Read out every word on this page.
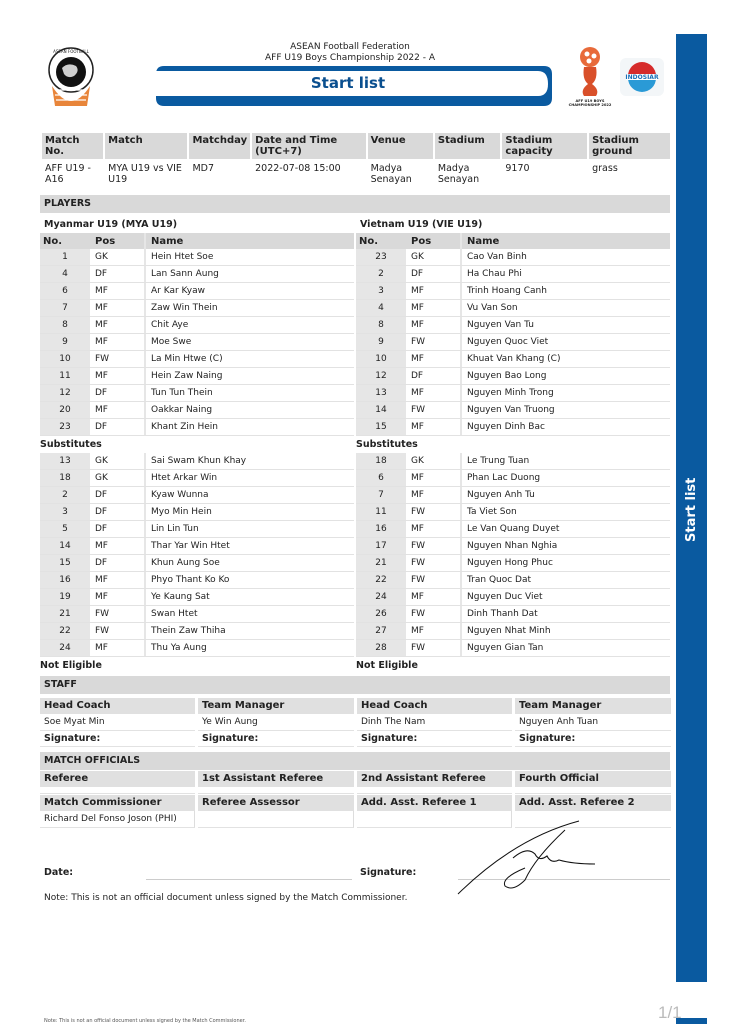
Start list
1/1
ASEAN FOOTBALL	ASEAN Football Federation
AFF U19 Boys Championship 2022 - A
Start list
AFF U19 BOYS
CHAMPIONSHIP 2022
INDOSIAR
Match No.	Match	Matchday	Date and Time (UTC+7)	Venue	Stadium	Stadium capacity	Stadium ground
AFF U19 - A16	MYA U19 vs VIE U19	MD7	2022-07-08 15:00	Madya Senayan	Madya Senayan	9170	grass
PLAYERS
Myanmar U19 (MYA U19)	Vietnam U19 (VIE U19)
No.	Pos	Name
1	GK	Hein Htet Soe
4	DF	Lan Sann Aung
6	MF	Ar Kar Kyaw
7	MF	Zaw Win Thein
8	MF	Chit Aye
9	MF	Moe Swe
10	FW	La Min Htwe (C)
11	MF	Hein Zaw Naing
12	DF	Tun Tun Thein
20	MF	Oakkar Naing
23	DF	Khant Zin Hein
Substitutes
13	GK	Sai Swam Khun Khay
18	GK	Htet Arkar Win
2	DF	Kyaw Wunna
3	DF	Myo Min Hein
5	DF	Lin Lin Tun
14	MF	Thar Yar Win Htet
15	DF	Khun Aung Soe
16	MF	Phyo Thant Ko Ko
19	MF	Ye Kaung Sat
21	FW	Swan Htet
22	FW	Thein Zaw Thiha
24	MF	Thu Ya Aung
Not Eligible
No.	Pos	Name
23	GK	Cao Van Binh
2	DF	Ha Chau Phi
3	MF	Trinh Hoang Canh
4	MF	Vu Van Son
8	MF	Nguyen Van Tu
9	FW	Nguyen Quoc Viet
10	MF	Khuat Van Khang (C)
12	DF	Nguyen Bao Long
13	MF	Nguyen Minh Trong
14	FW	Nguyen Van Truong
15	MF	Nguyen Dinh Bac
Substitutes
18	GK	Le Trung Tuan
6	MF	Phan Lac Duong
7	MF	Nguyen Anh Tu
11	FW	Ta Viet Son
16	MF	Le Van Quang Duyet
17	FW	Nguyen Nhan Nghia
21	FW	Nguyen Hong Phuc
22	FW	Tran Quoc Dat
24	MF	Nguyen Duc Viet
26	FW	Dinh Thanh Dat
27	MF	Nguyen Nhat Minh
28	FW	Nguyen Gian Tan
Not Eligible
STAFF
Head Coach	Team Manager	Head Coach	Team Manager
Soe Myat Min	Ye Win Aung	Dinh The Nam	Nguyen Anh Tuan
Signature:	Signature:	Signature:	Signature:
MATCH OFFICIALS
Referee	1st Assistant Referee	2nd Assistant Referee	Fourth Official
Match Commissioner	Referee Assessor	Add. Asst. Referee 1	Add. Asst. Referee 2
Richard Del Fonso Joson (PHI)
Date:	Signature:
Note: This is not an official document unless signed by the Match Commissioner.
Note: This is not an official document unless signed by the Match Commissioner.
